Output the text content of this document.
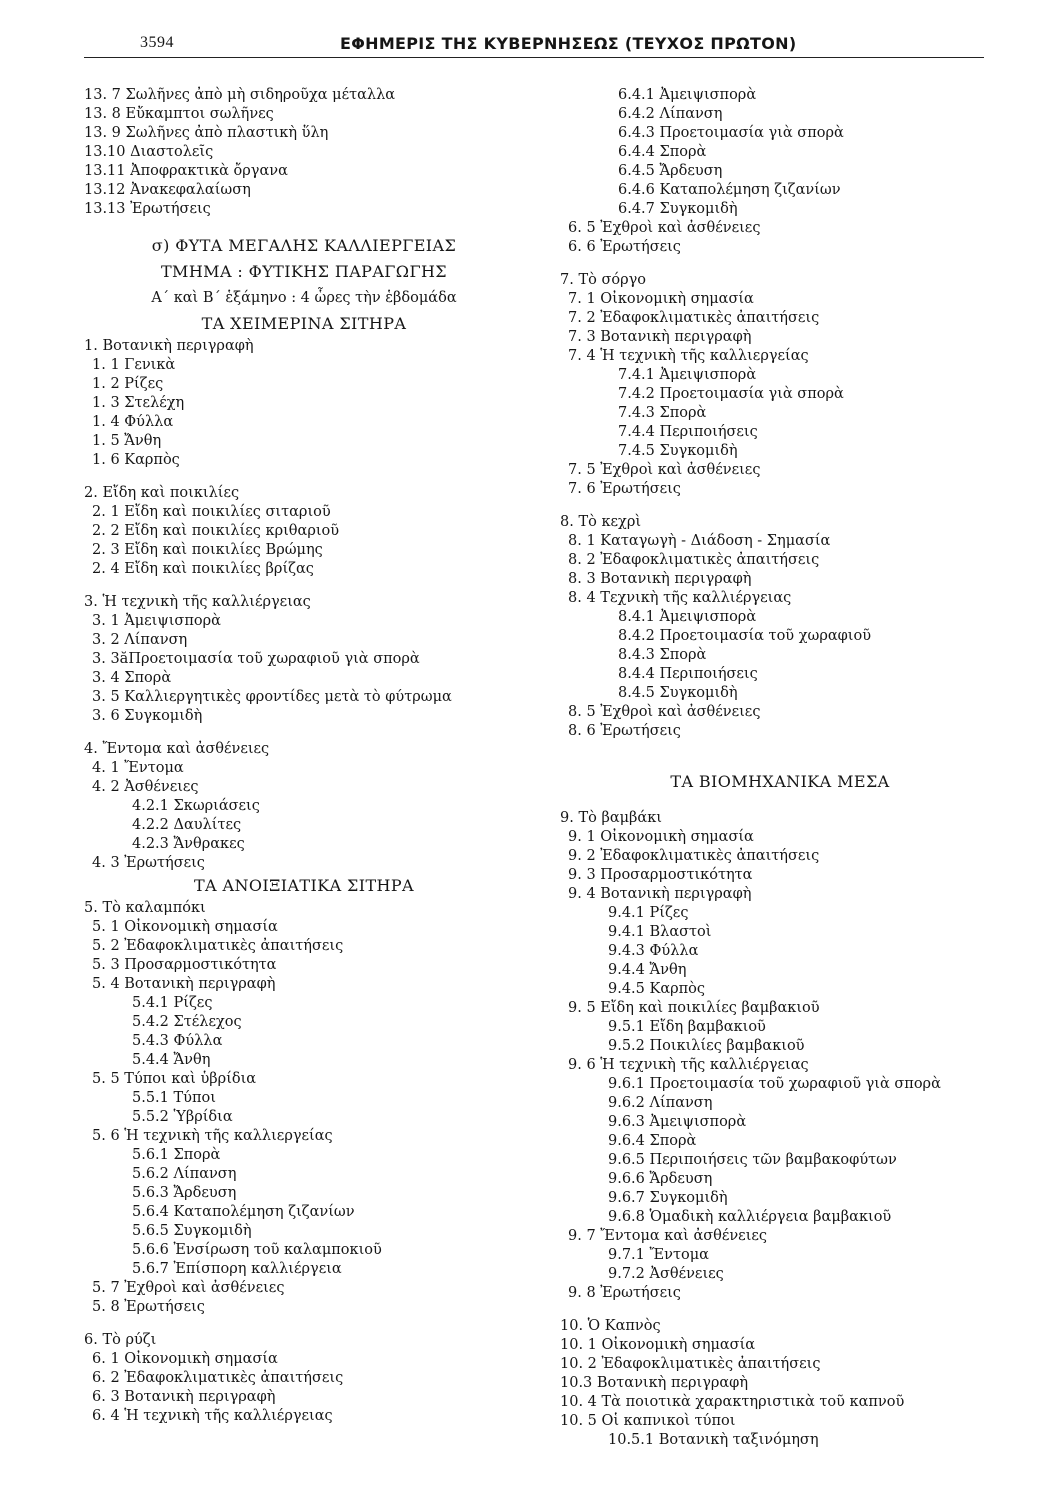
3594	ΕΦΗΜΕΡΙΣ ΤΗΣ ΚΥΒΕΡΝΗΣΕΩΣ (ΤΕΥΧΟΣ ΠΡΩΤΟΝ)
13. 7 Σωλῆνες ἀπὸ μὴ σιδηροῦχα μέταλλα
13. 8 Εὔκαμπτοι σωλῆνες
13. 9 Σωλῆνες ἀπὸ πλαστικὴ ὕλη
13.10 Διαστολεῖς
13.11 Ἀποφρακτικὰ ὄργανα
13.12 Ἀνακεφαλαίωση
13.13 Ἐρωτήσεις
σ) ΦΥΤΑ ΜΕΓΑΛΗΣ ΚΑΛΛΙΕΡΓΕΙΑΣ
ΤΜΗΜΑ : ΦΥΤΙΚΗΣ ΠΑΡΑΓΩΓΗΣ
Α΄ καὶ Β΄ ἑξάμηνο : 4 ὧρες τὴν ἑβδομάδα
ΤΑ ΧΕΙΜΕΡΙΝΑ ΣΙΤΗΡΑ
1. Βοτανικὴ περιγραφὴ
1. 1 Γενικὰ
1. 2 Ρίζες
1. 3 Στελέχη
1. 4 Φύλλα
1. 5 Ἄνθη
1. 6 Καρπὸς
2. Εἴδη καὶ ποικιλίες
2. 1 Εἴδη καὶ ποικιλίες σιταριοῦ
2. 2 Εἴδη καὶ ποικιλίες κριθαριοῦ
2. 3 Εἴδη καὶ ποικιλίες Βρώμης
2. 4 Εἴδη καὶ ποικιλίες βρίζας
3. Ἡ τεχνικὴ τῆς καλλιέργειας
3. 1 Ἀμειψισπορὰ
3. 2 Λίπανση
3. 3ăΠροετοιμασία τοῦ χωραφιοῦ γιὰ σπορὰ
3. 4 Σπορὰ
3. 5 Καλλιεργητικὲς φροντίδες μετὰ τὸ φύτρωμα
3. 6 Συγκομιδὴ
4. Ἔντομα καὶ ἀσθένειες
4. 1 Ἔντομα
4. 2 Ἀσθένειες
4.2.1 Σκωριάσεις
4.2.2 Δαυλίτες
4.2.3 Ἄνθρακες
4. 3 Ἐρωτήσεις
ΤΑ ΑΝΟΙΞΙΑΤΙΚΑ ΣΙΤΗΡΑ
5. Τὸ καλαμπόκι
5. 1 Οἰκονομικὴ σημασία
5. 2 Ἐδαφοκλιματικὲς ἀπαιτήσεις
5. 3 Προσαρμοστικότητα
5. 4 Βοτανικὴ περιγραφὴ
5.4.1 Ρίζες
5.4.2 Στέλεχος
5.4.3 Φύλλα
5.4.4 Ἄνθη
5. 5 Τύποι καὶ ὑβρίδια
5.5.1 Τύποι
5.5.2 Ὑβρίδια
5. 6 Ἡ τεχνικὴ τῆς καλλιεργείας
5.6.1 Σπορὰ
5.6.2 Λίπανση
5.6.3 Ἄρδευση
5.6.4 Καταπολέμηση ζιζανίων
5.6.5 Συγκομιδὴ
5.6.6 Ἐνσίρωση τοῦ καλαμποκιοῦ
5.6.7 Ἐπίσπορη καλλιέργεια
5. 7 Ἐχθροὶ καὶ ἀσθένειες
5. 8 Ἐρωτήσεις
6. Τὸ ρύζι
6. 1 Οἰκονομικὴ σημασία
6. 2 Ἐδαφοκλιματικὲς ἀπαιτήσεις
6. 3 Βοτανικὴ περιγραφὴ
6. 4 Ἡ τεχνικὴ τῆς καλλιέργειας
6.4.1 Ἀμειψισπορὰ
6.4.2 Λίπανση
6.4.3 Προετοιμασία γιὰ σπορὰ
6.4.4 Σπορὰ
6.4.5 Ἄρδευση
6.4.6 Καταπολέμηση ζιζανίων
6.4.7 Συγκομιδὴ
6. 5 Ἐχθροὶ καὶ ἀσθένειες
6. 6 Ἐρωτήσεις
7. Τὸ σόργο
7. 1 Οἰκονομικὴ σημασία
7. 2 Ἐδαφοκλιματικὲς ἀπαιτήσεις
7. 3 Βοτανικὴ περιγραφὴ
7. 4 Ἡ τεχνικὴ τῆς καλλιεργείας
7.4.1 Ἀμειψισπορὰ
7.4.2 Προετοιμασία γιὰ σπορὰ
7.4.3 Σπορὰ
7.4.4 Περιποιήσεις
7.4.5 Συγκομιδὴ
7. 5 Ἐχθροὶ καὶ ἀσθένειες
7. 6 Ἐρωτήσεις
8. Τὸ κεχρὶ
8. 1 Καταγωγὴ - Διάδοση - Σημασία
8. 2 Ἐδαφοκλιματικὲς ἀπαιτήσεις
8. 3 Βοτανικὴ περιγραφὴ
8. 4 Τεχνικὴ τῆς καλλιέργειας
8.4.1 Ἀμειψισπορὰ
8.4.2 Προετοιμασία τοῦ χωραφιοῦ
8.4.3 Σπορὰ
8.4.4 Περιποιήσεις
8.4.5 Συγκομιδὴ
8. 5 Ἐχθροὶ καὶ ἀσθένειες
8. 6 Ἐρωτήσεις
ΤΑ ΒΙΟΜΗΧΑΝΙΚΑ ΜΕΣΑ
9. Τὸ βαμβάκι
9. 1 Οἰκονομικὴ σημασία
9. 2 Ἐδαφοκλιματικὲς ἀπαιτήσεις
9. 3 Προσαρμοστικότητα
9. 4 Βοτανικὴ περιγραφὴ
9.4.1 Ρίζες
9.4.1 Βλαστοὶ
9.4.3 Φύλλα
9.4.4 Ἄνθη
9.4.5 Καρπὸς
9. 5 Εἴδη καὶ ποικιλίες βαμβακιοῦ
9.5.1 Εἴδη βαμβακιοῦ
9.5.2 Ποικιλίες βαμβακιοῦ
9. 6 Ἡ τεχνικὴ τῆς καλλιέργειας
9.6.1 Προετοιμασία τοῦ χωραφιοῦ γιὰ σπορὰ
9.6.2 Λίπανση
9.6.3 Ἀμειψισπορὰ
9.6.4 Σπορὰ
9.6.5 Περιποιήσεις τῶν βαμβακοφύτων
9.6.6 Ἄρδευση
9.6.7 Συγκομιδὴ
9.6.8 Ὁμαδικὴ καλλιέργεια βαμβακιοῦ
9. 7 Ἔντομα καὶ ἀσθένειες
9.7.1 Ἔντομα
9.7.2 Ἀσθένειες
9. 8 Ἐρωτήσεις
10. Ὁ Καπνὸς
10. 1 Οἰκονομικὴ σημασία
10. 2 Ἐδαφοκλιματικὲς ἀπαιτήσεις
10.3 Βοτανικὴ περιγραφὴ
10. 4 Τὰ ποιοτικὰ χαρακτηριστικὰ τοῦ καπνοῦ
10. 5 Οἱ καπνικοὶ τύποι
10.5.1 Βοτανικὴ ταξινόμηση
